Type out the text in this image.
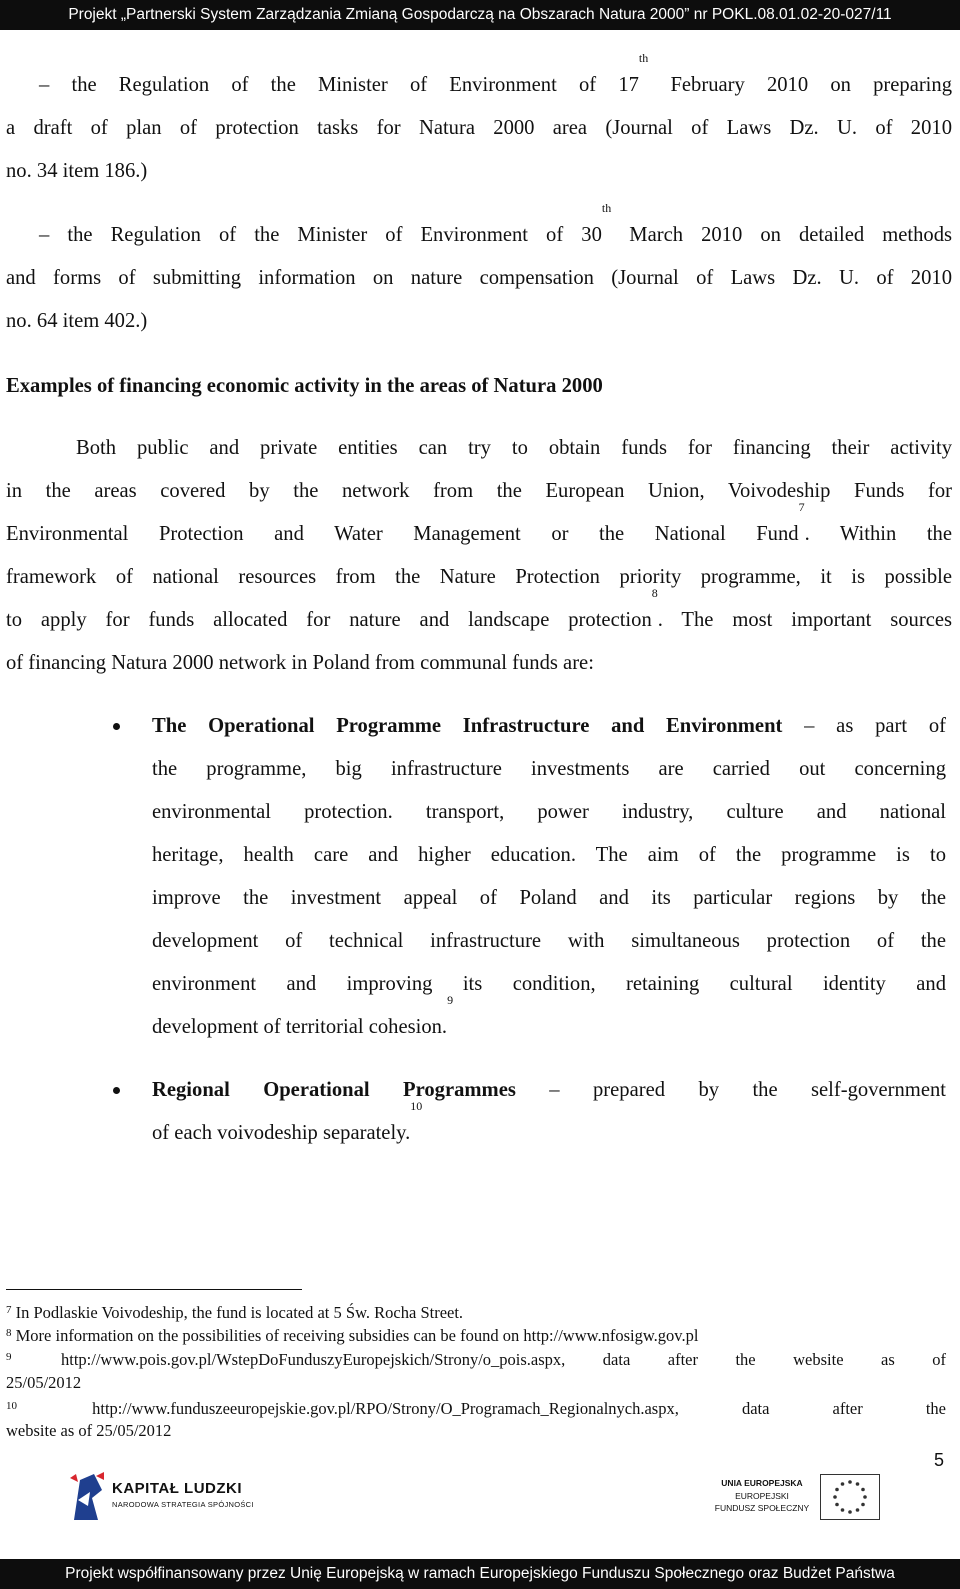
Projekt „Partnerski System Zarządzania Zmianą Gospodarczą na Obszarach Natura 2000” nr POKL.08.01.02-20-027/11
– the Regulation of the Minister of Environment of 17th February 2010 on preparing
a draft of plan of protection tasks for Natura 2000 area (Journal of Laws Dz. U. of 2010
no. 34 item 186.)
– the Regulation of the Minister of Environment of 30th March 2010 on detailed methods
and forms of submitting information on nature compensation (Journal of Laws Dz. U. of 2010
no. 64 item 402.)
Examples of financing economic activity in the areas of Natura 2000
Both public and private entities can try to obtain funds for financing their activity
in the areas covered by the network from the European Union, Voivodeship Funds for
Environmental Protection and Water Management or the National Fund$^7$. Within the
framework of national resources from the Nature Protection priority programme, it is possible
to apply for funds allocated for nature and landscape protection$^8$. The most important sources
of financing Natura 2000 network in Poland from communal funds are:
The Operational Programme Infrastructure and Environment – as part of
the programme, big infrastructure investments are carried out concerning
environmental protection. transport, power industry, culture and national
heritage, health care and higher education. The aim of the programme is to
improve the investment appeal of Poland and its particular regions by the
development of technical infrastructure with simultaneous protection of the
environment and improving its condition, retaining cultural identity and
development of territorial cohesion.$^9$
Regional Operational Programmes – prepared by the self-government
of each voivodeship separately.$^{10}$
$^7$ In Podlaskie Voivodeship, the fund is located at 5 Św. Rocha Street.
$^8$ More information on the possibilities of receiving subsidies can be found on http://www.nfosigw.gov.pl
$^9$	http://www.pois.gov.pl/WstepDoFunduszyEuropejskich/Strony/o_pois.aspx, data after the website as of
25/05/2012
$^{10}$	http://www.funduszeeuropejskie.gov.pl/RPO/Strony/O_Programach_Regionalnych.aspx, data after the
website as of 25/05/2012
5
KAPITAŁ LUDZKI
NARODOWA STRATEGIA SPÓJNOŚCI
UNIA EUROPEJSKA
EUROPEJSKI
FUNDUSZ SPOŁECZNY
Projekt współfinansowany przez Unię Europejską w ramach Europejskiego Funduszu Społecznego oraz Budżet Państwa
